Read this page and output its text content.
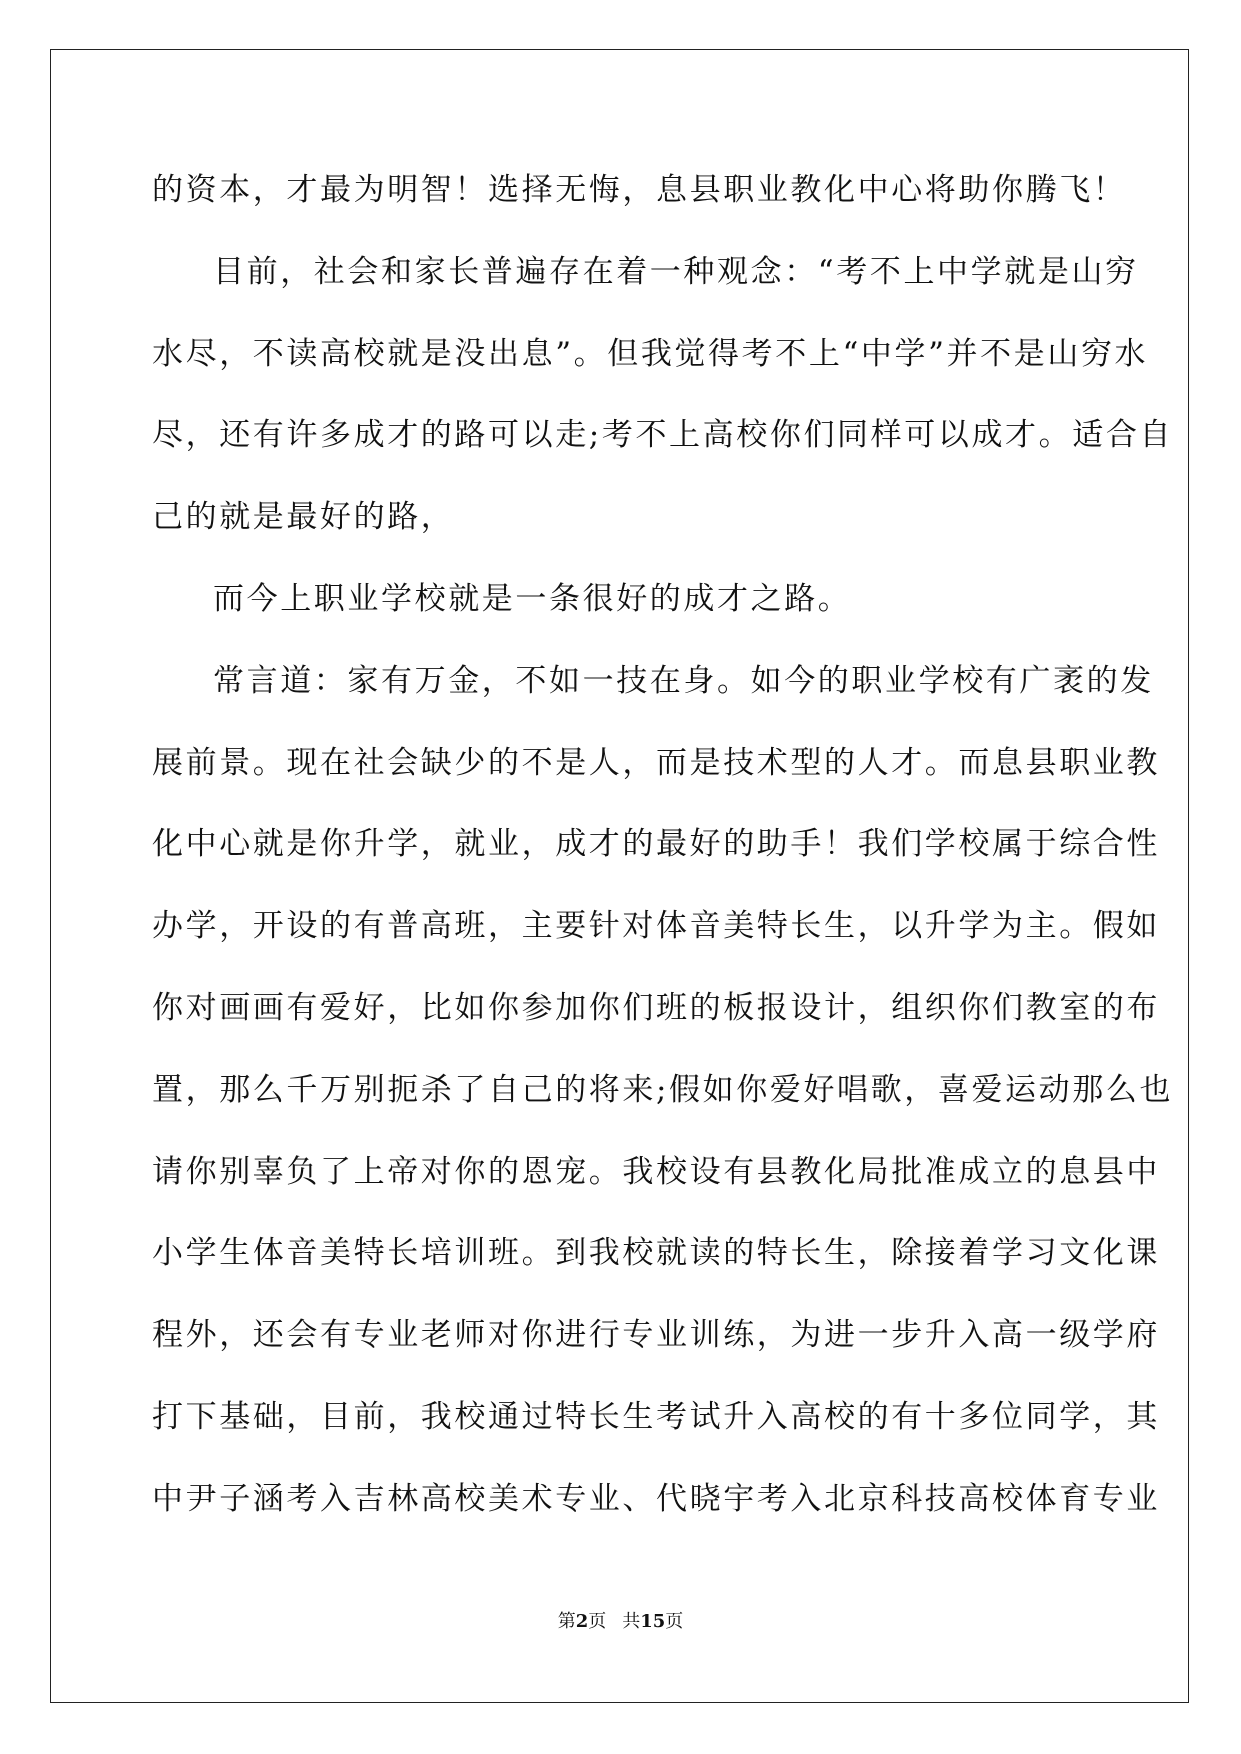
的资本，才最为明智！选择无悔，息县职业教化中心将助你腾飞！
目前，社会和家长普遍存在着一种观念：“考不上中学就是山穷
水尽，不读高校就是没出息”。但我觉得考不上“中学”并不是山穷水
尽，还有许多成才的路可以走;考不上高校你们同样可以成才。适合自
己的就是最好的路，
而今上职业学校就是一条很好的成才之路。
常言道：家有万金，不如一技在身。如今的职业学校有广袤的发
展前景。现在社会缺少的不是人，而是技术型的人才。而息县职业教
化中心就是你升学，就业，成才的最好的助手！我们学校属于综合性
办学，开设的有普高班，主要针对体音美特长生，以升学为主。假如
你对画画有爱好，比如你参加你们班的板报设计，组织你们教室的布
置，那么千万别扼杀了自己的将来;假如你爱好唱歌，喜爱运动那么也
请你别辜负了上帝对你的恩宠。我校设有县教化局批准成立的息县中
小学生体音美特长培训班。到我校就读的特长生，除接着学习文化课
程外，还会有专业老师对你进行专业训练，为进一步升入高一级学府
打下基础，目前，我校通过特长生考试升入高校的有十多位同学，其
中尹子涵考入吉林高校美术专业、代晓宇考入北京科技高校体育专业
第2页 共15页
